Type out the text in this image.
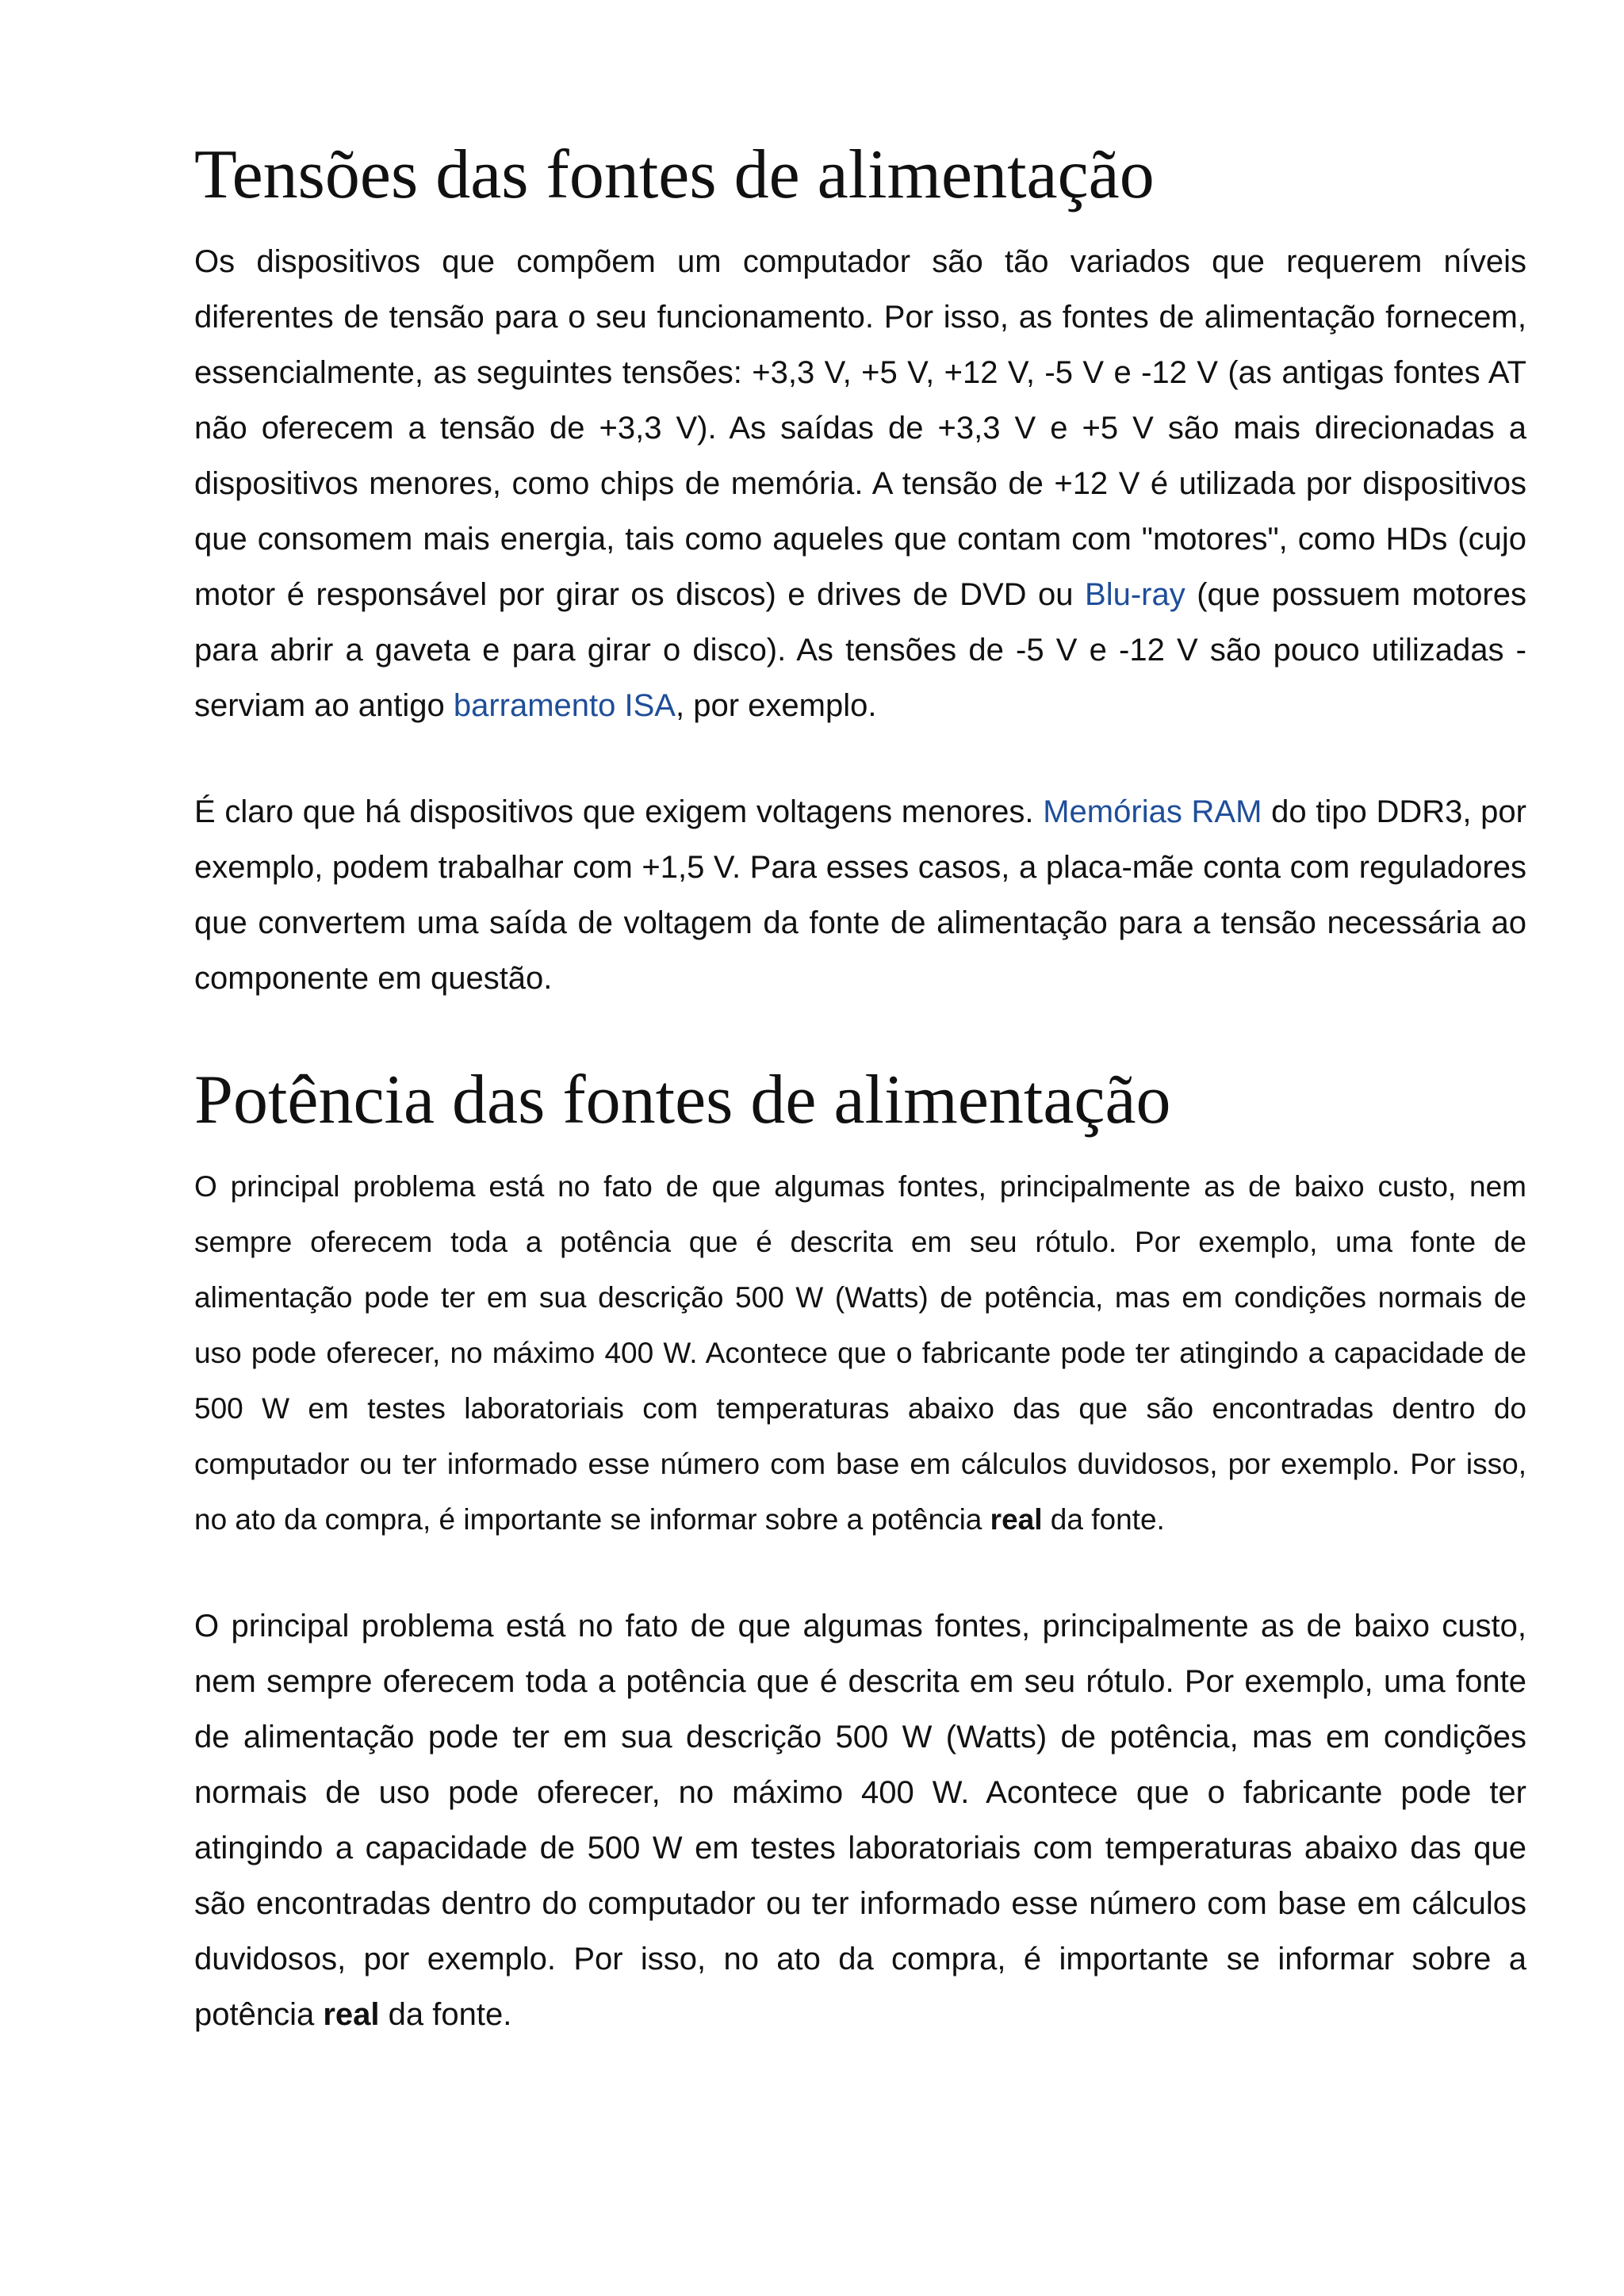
Tensões das fontes de alimentação

Os dispositivos que compõem um computador são tão variados que requerem níveis diferentes de tensão para o seu funcionamento. Por isso, as fontes de alimentação fornecem, essencialmente, as seguintes tensões: +3,3 V, +5 V, +12 V, -5 V e -12 V (as antigas fontes AT não oferecem a tensão de +3,3 V). As saídas de +3,3 V e +5 V são mais direcionadas a dispositivos menores, como chips de memória. A tensão de +12 V é utilizada por dispositivos que consomem mais energia, tais como aqueles que contam com "motores", como HDs (cujo motor é responsável por girar os discos) e drives de DVD ou Blu-ray (que possuem motores para abrir a gaveta e para girar o disco). As tensões de -5 V e -12 V são pouco utilizadas - serviam ao antigo barramento ISA, por exemplo.

É claro que há dispositivos que exigem voltagens menores. Memórias RAM do tipo DDR3, por exemplo, podem trabalhar com +1,5 V. Para esses casos, a placa-mãe conta com reguladores que convertem uma saída de voltagem da fonte de alimentação para a tensão necessária ao componente em questão.

Potência das fontes de alimentação

O principal problema está no fato de que algumas fontes, principalmente as de baixo custo, nem sempre oferecem toda a potência que é descrita em seu rótulo. Por exemplo, uma fonte de alimentação pode ter em sua descrição 500 W (Watts) de potência, mas em condições normais de uso pode oferecer, no máximo 400 W. Acontece que o fabricante pode ter atingindo a capacidade de 500 W em testes laboratoriais com temperaturas abaixo das que são encontradas dentro do computador ou ter informado esse número com base em cálculos duvidosos, por exemplo. Por isso, no ato da compra, é importante se informar sobre a potência real da fonte.

O principal problema está no fato de que algumas fontes, principalmente as de baixo custo, nem sempre oferecem toda a potência que é descrita em seu rótulo. Por exemplo, uma fonte de alimentação pode ter em sua descrição 500 W (Watts) de potência, mas em condições normais de uso pode oferecer, no máximo 400 W. Acontece que o fabricante pode ter atingindo a capacidade de 500 W em testes laboratoriais com temperaturas abaixo das que são encontradas dentro do computador ou ter informado esse número com base em cálculos duvidosos, por exemplo. Por isso, no ato da compra, é importante se informar sobre a potência real da fonte.
